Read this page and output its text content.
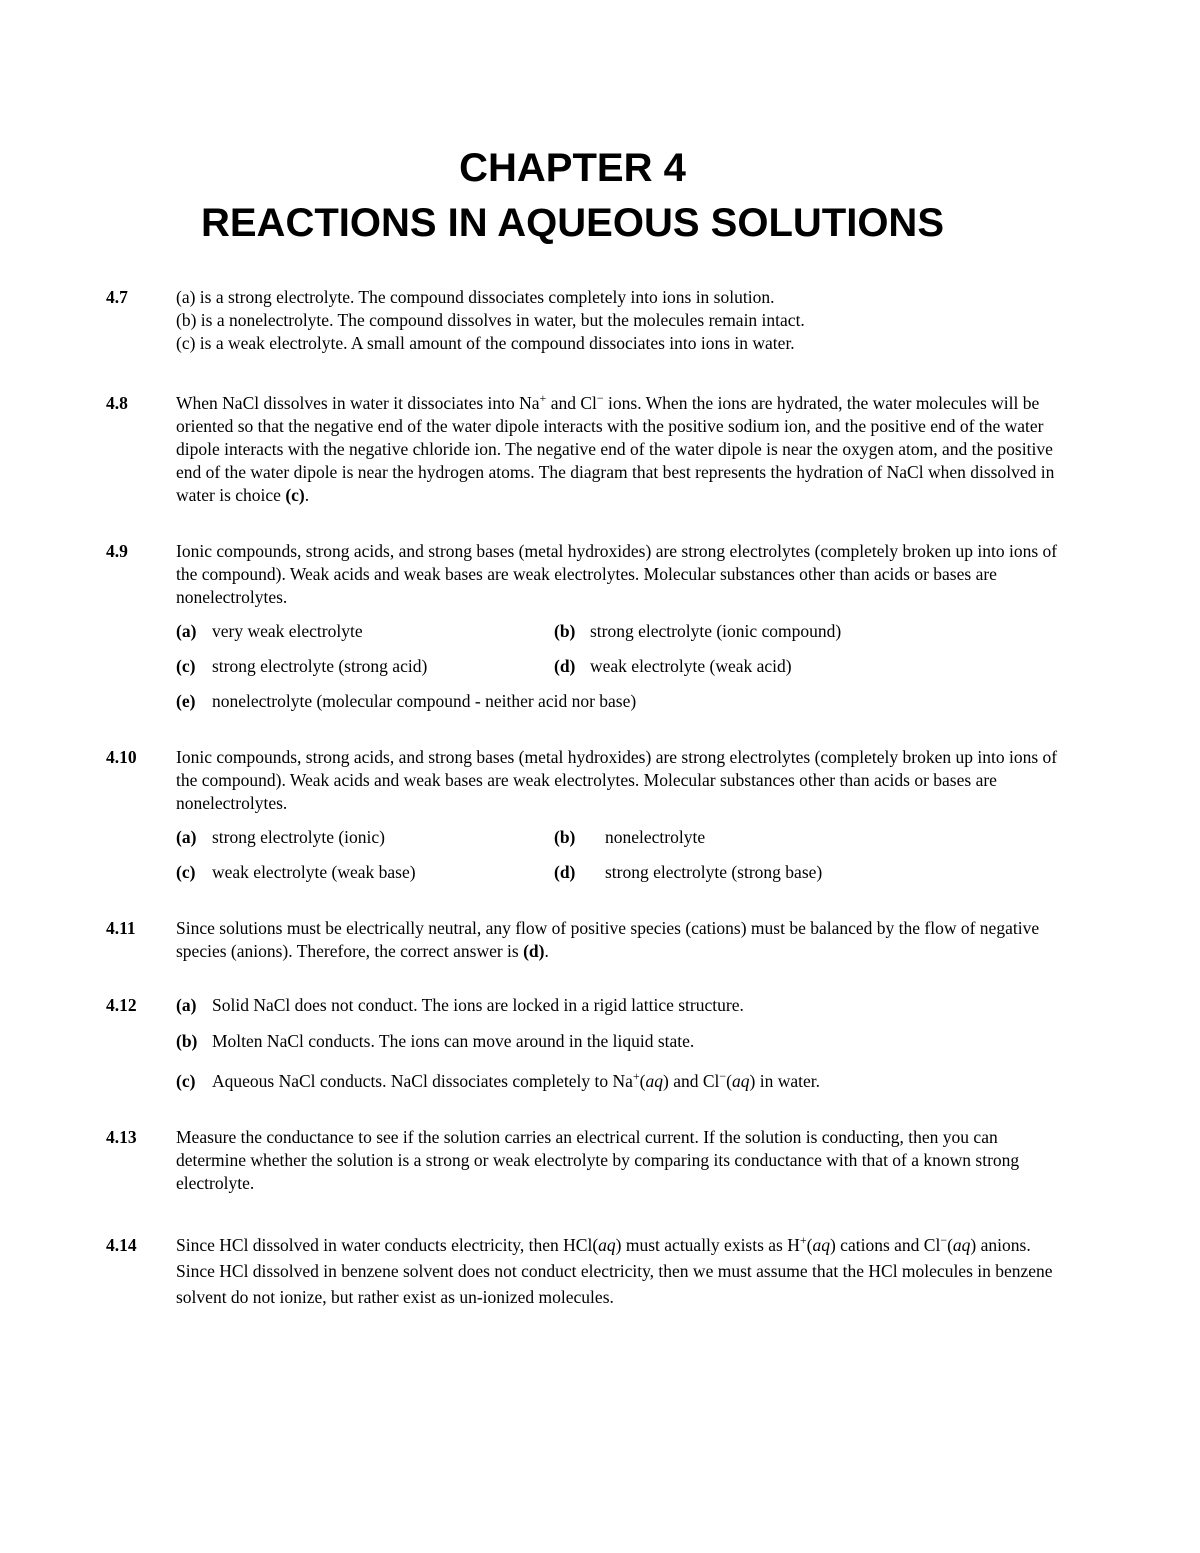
CHAPTER 4
REACTIONS IN AQUEOUS SOLUTIONS
4.7	(a) is a strong electrolyte. The compound dissociates completely into ions in solution.

(b) is a nonelectrolyte. The compound dissolves in water, but the molecules remain intact.

(c) is a weak electrolyte. A small amount of the compound dissociates into ions in water.

4.8	When NaCl dissolves in water it dissociates into Na+ and Cl− ions. When the ions are hydrated, the water molecules will be oriented so that the negative end of the water dipole interacts with the positive sodium ion, and the positive end of the water dipole interacts with the negative chloride ion. The negative end of the water dipole is near the oxygen atom, and the positive end of the water dipole is near the hydrogen atoms. The diagram that best represents the hydration of NaCl when dissolved in water is choice (c).

4.9	Ionic compounds, strong acids, and strong bases (metal hydroxides) are strong electrolytes (completely broken up into ions of the compound). Weak acids and weak bases are weak electrolytes. Molecular substances other than acids or bases are nonelectrolytes.

(a) very weak electrolyte	(b) strong electrolyte (ionic compound)
(c) strong electrolyte (strong acid)	(d) weak electrolyte (weak acid)
(e) nonelectrolyte (molecular compound - neither acid nor base)
4.10 Ionic compounds, strong acids, and strong bases (metal hydroxides) are strong electrolytes (completely broken up into ions of the compound). Weak acids and weak bases are weak electrolytes. Molecular substances other than acids or bases are nonelectrolytes.

(a) strong electrolyte (ionic)	(b)	nonelectrolyte
(c) weak electrolyte (weak base)	(d)	strong electrolyte (strong base)
4.11 Since solutions must be electrically neutral, any flow of positive species (cations) must be balanced by the flow of negative species (anions). Therefore, the correct answer is (d).

4.12 (a) Solid NaCl does not conduct. The ions are locked in a rigid lattice structure.
(b) Molten NaCl conducts. The ions can move around in the liquid state.
(c) Aqueous NaCl conducts. NaCl dissociates completely to Na+(aq) and Cl−(aq) in water.
4.13 Measure the conductance to see if the solution carries an electrical current. If the solution is conducting, then you can determine whether the solution is a strong or weak electrolyte by comparing its conductance with that of a known strong electrolyte.

4.14 Since HCl dissolved in water conducts electricity, then HCl(aq) must actually exists as H+(aq) cations and Cl−(aq) anions. Since HCl dissolved in benzene solvent does not conduct electricity, then we must assume that the HCl molecules in benzene solvent do not ionize, but rather exist as un-ionized molecules.
